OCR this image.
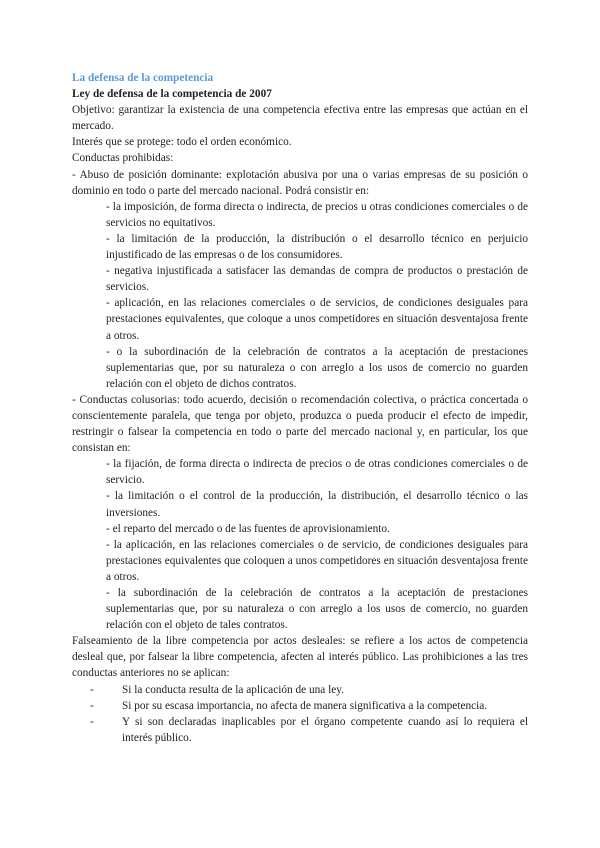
La defensa de la competencia

Ley de defensa de la competencia de 2007

Objetivo: garantizar la existencia de una competencia efectiva entre las empresas que actúan en el mercado.

Interés que se protege: todo el orden económico.

Conductas prohibidas:

- Abuso de posición dominante: explotación abusiva por una o varias empresas de su posición o dominio en todo o parte del mercado nacional. Podrá consistir en:

- la imposición, de forma directa o indirecta, de precios u otras condiciones comerciales o de servicios no equitativos.

- la limitación de la producción, la distribución o el desarrollo técnico en perjuicio injustificado de las empresas o de los consumidores.

- negativa injustificada a satisfacer las demandas de compra de productos o prestación de servicios.

- aplicación, en las relaciones comerciales o de servicios, de condiciones desiguales para prestaciones equivalentes, que coloque a unos competidores en situación desventajosa frente a otros.

- o la subordinación de la celebración de contratos a la aceptación de prestaciones suplementarias que, por su naturaleza o con arreglo a los usos de comercio no guarden relación con el objeto de dichos contratos.

- Conductas colusorias: todo acuerdo, decisión o recomendación colectiva, o práctica concertada o conscientemente paralela, que tenga por objeto, produzca o pueda producir el efecto de impedir, restringir o falsear la competencia en todo o parte del mercado nacional y, en particular, los que consistan en:

- la fijación, de forma directa o indirecta de precios o de otras condiciones comerciales o de servicio.

- la limitación o el control de la producción, la distribución, el desarrollo técnico o las inversiones.

- el reparto del mercado o de las fuentes de aprovisionamiento.

- la aplicación, en las relaciones comerciales o de servicio, de condiciones desiguales para prestaciones equivalentes que coloquen a unos competidores en situación desventajosa frente a otros.

- la subordinación de la celebración de contratos a la aceptación de prestaciones suplementarias que, por su naturaleza o con arreglo a los usos de comercio, no guarden relación con el objeto de tales contratos.

Falseamiento de la libre competencia por actos desleales: se refiere a los actos de competencia desleal que, por falsear la libre competencia, afecten al interés público. Las prohibiciones a las tres conductas anteriores no se aplican:

- Si la conducta resulta de la aplicación de una ley.
- Si por su escasa importancia, no afecta de manera significativa a la competencia.
- Y si son declaradas inaplicables por el órgano competente cuando así lo requiera el interés público.
